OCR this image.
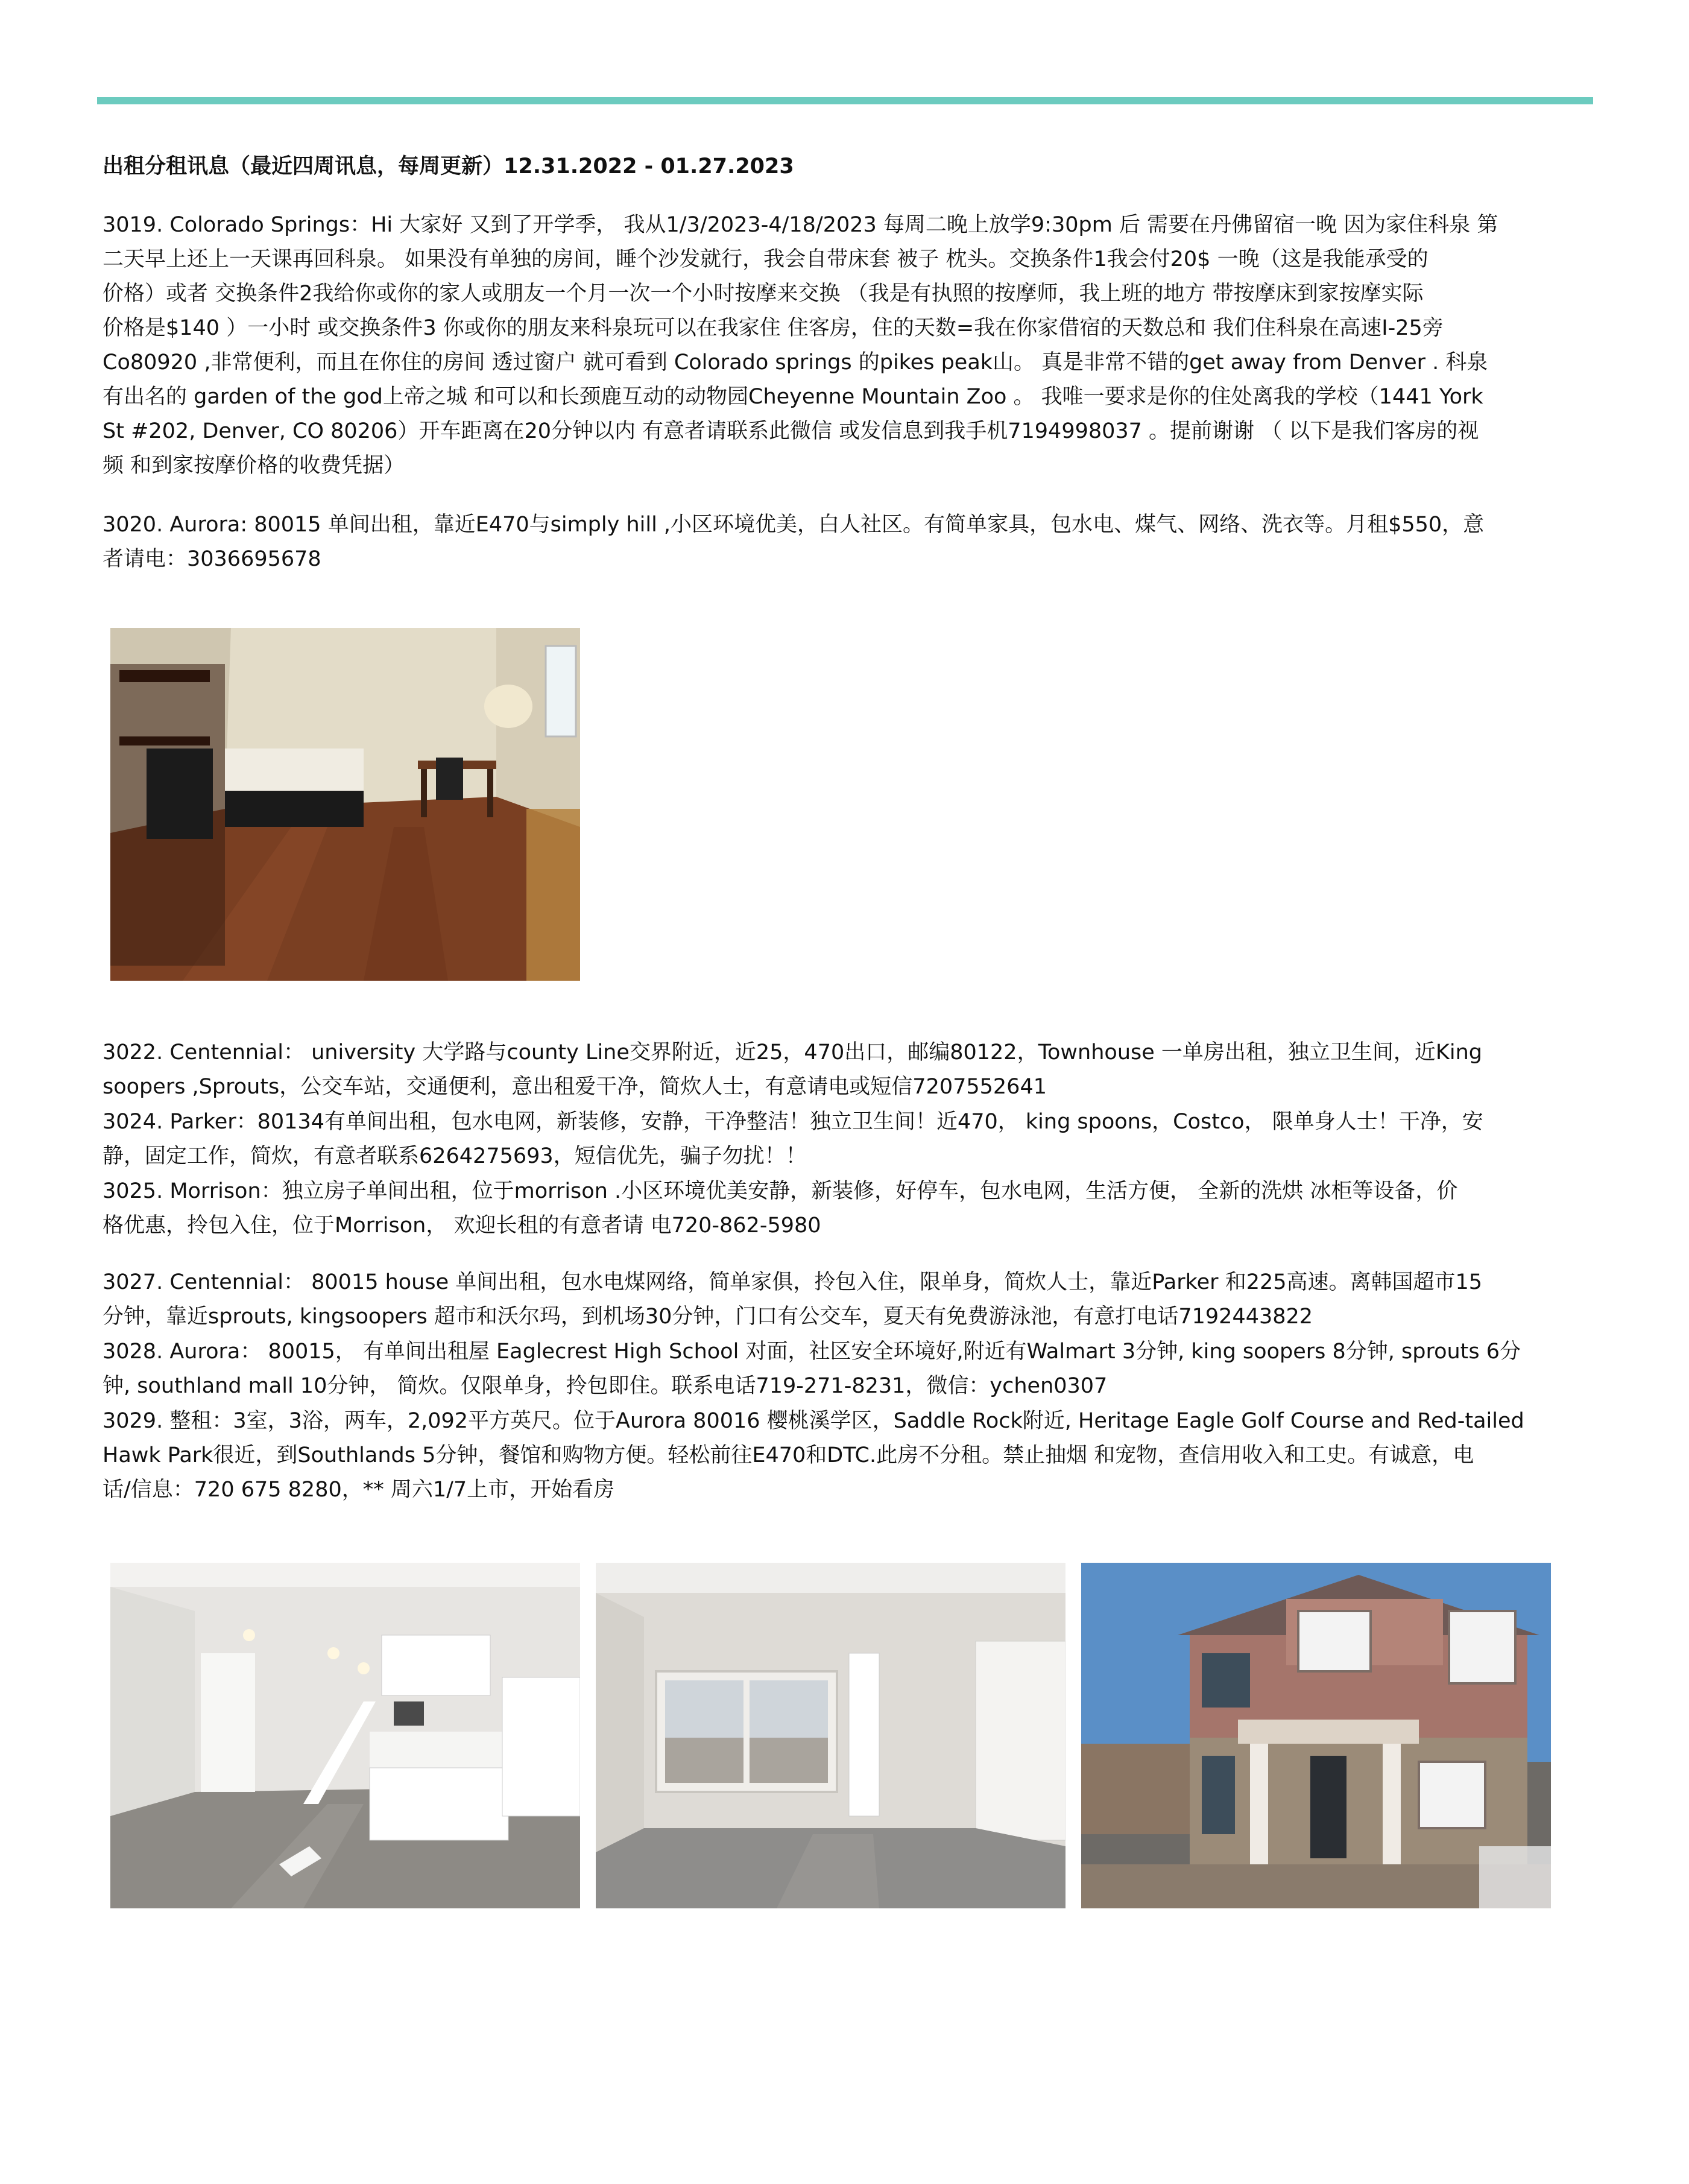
出租分租讯息（最近四周讯息，每周更新）12.31.2022 - 01.27.2023
3019. Colorado Springs：Hi 大家好 又到了开学季， 我从1/3/2023-4/18/2023 每周二晚上放学9:30pm 后 需要在丹佛留宿一晚 因为家住科泉 第
二天早上还上一天课再回科泉。 如果没有单独的房间，睡个沙发就行，我会自带床套 被子 枕头。交换条件1我会付20$ 一晚（这是我能承受的
价格）或者 交换条件2我给你或你的家人或朋友一个月一次一个小时按摩来交换 （我是有执照的按摩师，我上班的地方 带按摩床到家按摩实际
价格是$140 ）一小时 或交换条件3 你或你的朋友来科泉玩可以在我家住 住客房，住的天数=我在你家借宿的天数总和 我们住科泉在高速I-25旁
Co80920 ,非常便利，而且在你住的房间 透过窗户 就可看到 Colorado springs 的pikes peak山。 真是非常不错的get away from Denver . 科泉
有出名的 garden of the god上帝之城 和可以和长颈鹿互动的动物园Cheyenne Mountain Zoo 。 我唯一要求是你的住处离我的学校（1441 York
St #202, Denver, CO 80206）开车距离在20分钟以内 有意者请联系此微信 或发信息到我手机7194998037 。提前谢谢 （ 以下是我们客房的视
频 和到家按摩价格的收费凭据）
3020. Aurora: 80015 单间出租，靠近E470与simply hill ,小区环境优美，白人社区。有简单家具，包水电、煤气、网络、洗衣等。月租$550，意
者请电：3036695678
3022. Centennial： university 大学路与county Line交界附近，近25，470出口，邮编80122，Townhouse 一单房出租，独立卫生间，近King
soopers ,Sprouts，公交车站，交通便利，意出租爱干净，简炊人士，有意请电或短信7207552641
3024. Parker：80134有单间出租，包水电网，新装修，安静，干净整洁！独立卫生间！近470， king spoons，Costco， 限单身人士！干净，安
静，固定工作，简炊，有意者联系6264275693，短信优先，骗子勿扰！！
3025. Morrison：独立房子单间出租，位于morrison .小区环境优美安静，新装修，好停车，包水电网，生活方便， 全新的洗烘 冰柜等设备，价
格优惠，拎包入住，位于Morrison， 欢迎长租的有意者请 电720-862-5980
3027. Centennial： 80015 house 单间出租，包水电煤网络，简单家俱，拎包入住，限单身，简炊人士，靠近Parker 和225高速。离韩国超市15
分钟，靠近sprouts, kingsoopers 超市和沃尔玛，到机场30分钟，门口有公交车，夏天有免费游泳池，有意打电话7192443822
3028. Aurora： 80015， 有单间出租屋 Eaglecrest High School 对面，社区安全环境好,附近有Walmart 3分钟, king soopers 8分钟, sprouts 6分
钟, southland mall 10分钟， 简炊。仅限单身，拎包即住。联系电话719-271-8231，微信：ychen0307
3029. 整租：3室，3浴，两车，2,092平方英尺。位于Aurora 80016 樱桃溪学区，Saddle Rock附近, Heritage Eagle Golf Course and Red-tailed
Hawk Park很近，到Southlands 5分钟，餐馆和购物方便。轻松前往E470和DTC.此房不分租。禁止抽烟 和宠物，查信用收入和工史。有诚意，电
话/信息：720 675 8280，** 周六1/7上市，开始看房
